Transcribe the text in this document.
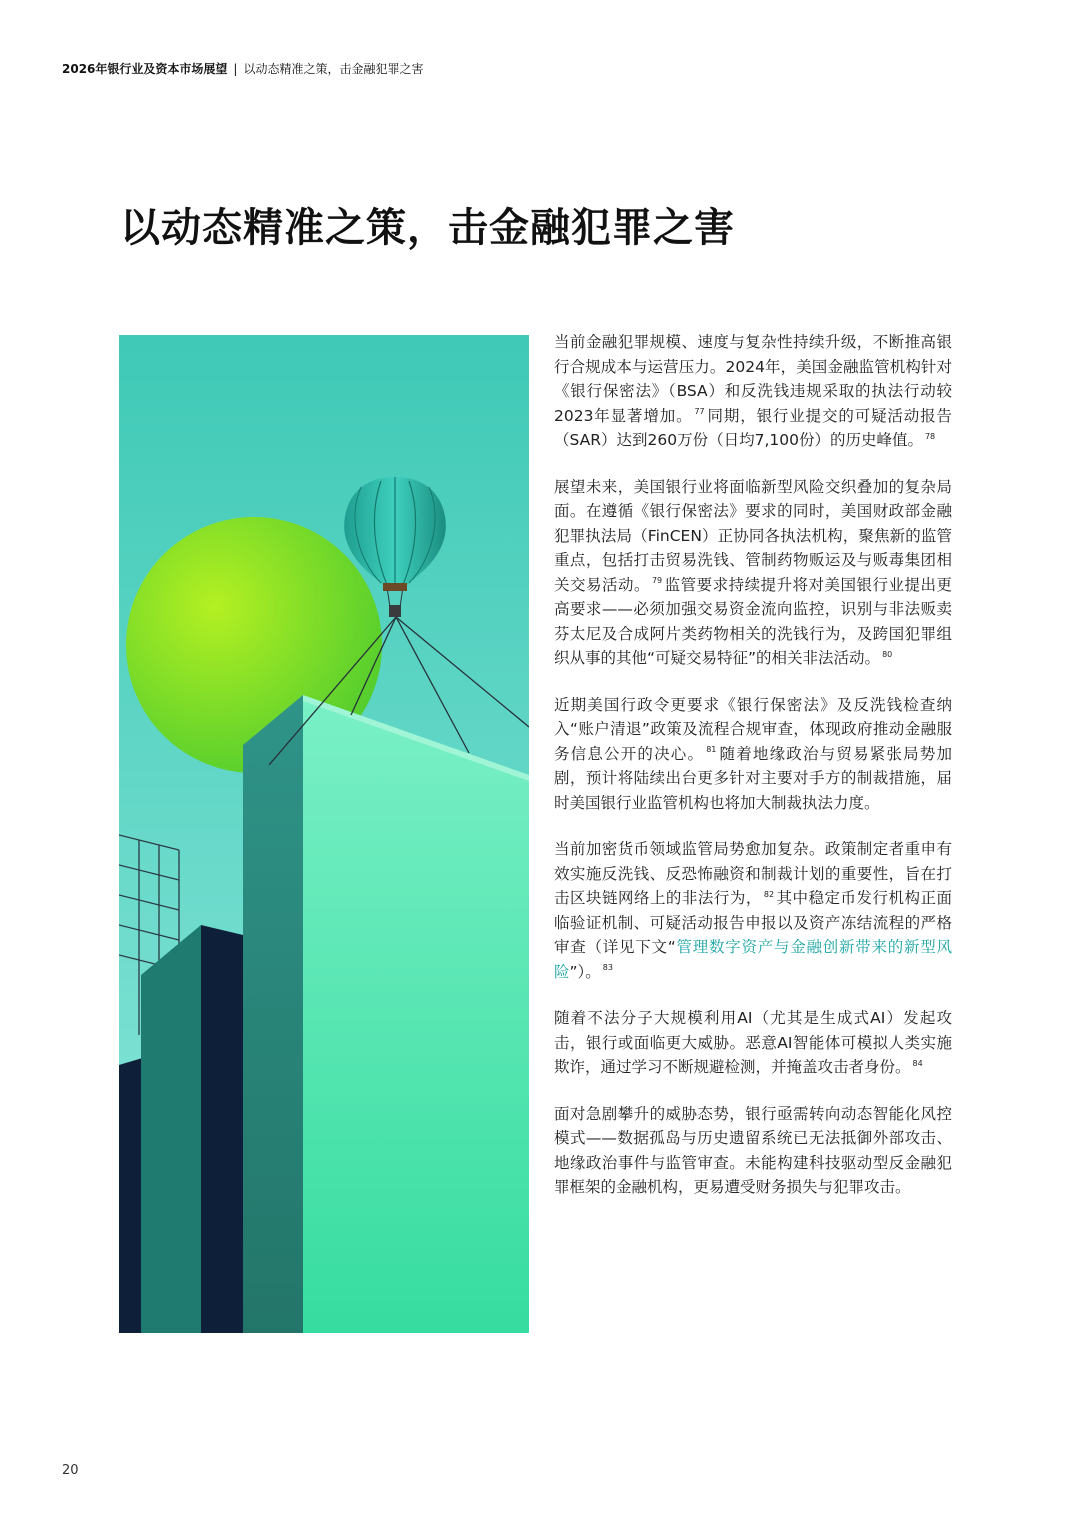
2026年银行业及资本市场展望 | 以动态精准之策，击金融犯罪之害
以动态精准之策，击金融犯罪之害

当前金融犯罪规模、速度与复杂性持续升级，不断推高银行合规成本与运营压力。2024年，美国金融监管机构针对《银行保密法》（BSA）和反洗钱违规采取的执法行动较2023年显著增加。 $^{77}$ 同期，银行业提交的可疑活动报告（SAR）达到260万份（日均7,100份）的历史峰值。 $^{78}$

展望未来，美国银行业将面临新型风险交织叠加的复杂局面。在遵循《银行保密法》要求的同时，美国财政部金融犯罪执法局（FinCEN）正协同各执法机构，聚焦新的监管重点，包括打击贸易洗钱、管制药物贩运及与贩毒集团相关交易活动。 $^{79}$ 监管要求持续提升将对美国银行业提出更高要求——必须加强交易资金流向监控，识别与非法贩卖芬太尼及合成阿片类药物相关的洗钱行为，及跨国犯罪组织从事的其他“可疑交易特征”的相关非法活动。 $^{80}$

近期美国行政令更要求《银行保密法》及反洗钱检查纳入“账户清退”政策及流程合规审查，体现政府推动金融服务信息公开的决心。 $^{81}$ 随着地缘政治与贸易紧张局势加剧，预计将陆续出台更多针对主要对手方的制裁措施，届时美国银行业监管机构也将加大制裁执法力度。

当前加密货币领域监管局势愈加复杂。政策制定者重申有效实施反洗钱、反恐怖融资和制裁计划的重要性，旨在打击区块链网络上的非法行为， $^{82}$ 其中稳定币发行机构正面临验证机制、可疑活动报告申报以及资产冻结流程的严格审查（详见下文“管理数字资产与金融创新带来的新型风险”）。 $^{83}$

随着不法分子大规模利用AI（尤其是生成式AI）发起攻击，银行或面临更大威胁。恶意AI智能体可模拟人类实施欺诈，通过学习不断规避检测，并掩盖攻击者身份。 $^{84}$

面对急剧攀升的威胁态势，银行亟需转向动态智能化风控模式——数据孤岛与历史遗留系统已无法抵御外部攻击、地缘政治事件与监管审查。未能构建科技驱动型反金融犯罪框架的金融机构，更易遭受财务损失与犯罪攻击。

20
